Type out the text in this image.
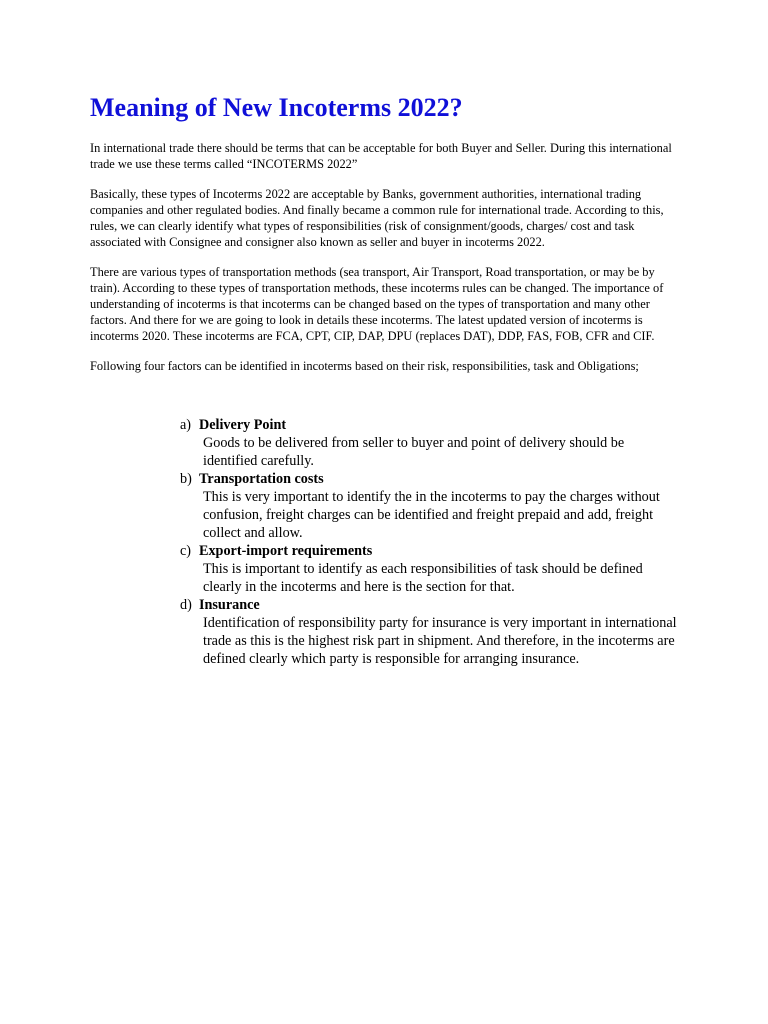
Meaning of New Incoterms 2022?

In international trade there should be terms that can be acceptable for both Buyer and Seller. During this international trade we use these terms called “INCOTERMS 2022”

Basically, these types of Incoterms 2022 are acceptable by Banks, government authorities, international trading companies and other regulated bodies. And finally became a common rule for international trade. According to this, rules, we can clearly identify what types of responsibilities (risk of consignment/goods, charges/ cost and task associated with Consignee and consigner also known as seller and buyer in incoterms 2022.

There are various types of transportation methods (sea transport, Air Transport, Road transportation, or may be by train). According to these types of transportation methods, these incoterms rules can be changed. The importance of understanding of incoterms is that incoterms can be changed based on the types of transportation and many other factors. And there for we are going to look in details these incoterms. The latest updated version of incoterms is incoterms 2020. These incoterms are FCA, CPT, CIP, DAP, DPU (replaces DAT), DDP, FAS, FOB, CFR and CIF.

Following four factors can be identified in incoterms based on their risk, responsibilities, task and Obligations;

a) Delivery Point
Goods to be delivered from seller to buyer and point of delivery should be identified carefully.
b) Transportation costs
This is very important to identify the in the incoterms to pay the charges without confusion, freight charges can be identified and freight prepaid and add, freight collect and allow.
c) Export-import requirements
This is important to identify as each responsibilities of task should be defined clearly in the incoterms and here is the section for that.
d) Insurance
Identification of responsibility party for insurance is very important in international trade as this is the highest risk part in shipment. And therefore, in the incoterms are defined clearly which party is responsible for arranging insurance.
